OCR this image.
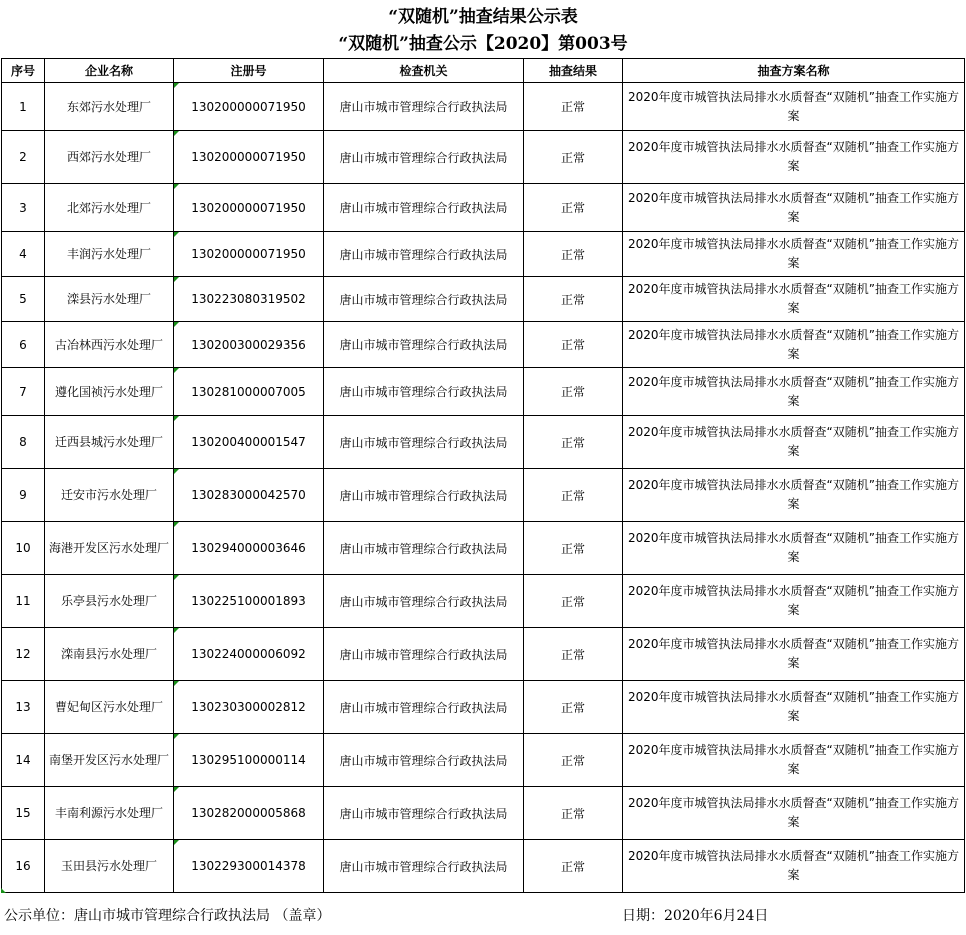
“双随机”抽查结果公示表
“双随机”抽查公示【2020】第003号
序号	企业名称	注册号	检查机关	抽查结果	抽查方案名称
1	东郊污水处理厂	130200000071950	唐山市城市管理综合行政执法局	正常	2020年度市城管执法局排水水质督查“双随机”抽查工作实施方案
2	西郊污水处理厂	130200000071950	唐山市城市管理综合行政执法局	正常	2020年度市城管执法局排水水质督查“双随机”抽查工作实施方案
3	北郊污水处理厂	130200000071950	唐山市城市管理综合行政执法局	正常	2020年度市城管执法局排水水质督查“双随机”抽查工作实施方案
4	丰润污水处理厂	130200000071950	唐山市城市管理综合行政执法局	正常	2020年度市城管执法局排水水质督查“双随机”抽查工作实施方案
5	滦县污水处理厂	130223080319502	唐山市城市管理综合行政执法局	正常	2020年度市城管执法局排水水质督查“双随机”抽查工作实施方案
6	古冶林西污水处理厂	130200300029356	唐山市城市管理综合行政执法局	正常	2020年度市城管执法局排水水质督查“双随机”抽查工作实施方案
7	遵化国祯污水处理厂	130281000007005	唐山市城市管理综合行政执法局	正常	2020年度市城管执法局排水水质督查“双随机”抽查工作实施方案
8	迁西县城污水处理厂	130200400001547	唐山市城市管理综合行政执法局	正常	2020年度市城管执法局排水水质督查“双随机”抽查工作实施方案
9	迁安市污水处理厂	130283000042570	唐山市城市管理综合行政执法局	正常	2020年度市城管执法局排水水质督查“双随机”抽查工作实施方案
10	海港开发区污水处理厂	130294000003646	唐山市城市管理综合行政执法局	正常	2020年度市城管执法局排水水质督查“双随机”抽查工作实施方案
11	乐亭县污水处理厂	130225100001893	唐山市城市管理综合行政执法局	正常	2020年度市城管执法局排水水质督查“双随机”抽查工作实施方案
12	滦南县污水处理厂	130224000006092	唐山市城市管理综合行政执法局	正常	2020年度市城管执法局排水水质督查“双随机”抽查工作实施方案
13	曹妃甸区污水处理厂	130230300002812	唐山市城市管理综合行政执法局	正常	2020年度市城管执法局排水水质督查“双随机”抽查工作实施方案
14	南堡开发区污水处理厂	130295100000114	唐山市城市管理综合行政执法局	正常	2020年度市城管执法局排水水质督查“双随机”抽查工作实施方案
15	丰南利源污水处理厂	130282000005868	唐山市城市管理综合行政执法局	正常	2020年度市城管执法局排水水质督查“双随机”抽查工作实施方案
16	玉田县污水处理厂	130229300014378	唐山市城市管理综合行政执法局	正常	2020年度市城管执法局排水水质督查“双随机”抽查工作实施方案
公示单位：唐山市城市管理综合行政执法局 （盖章）	日期：2020年6月24日
